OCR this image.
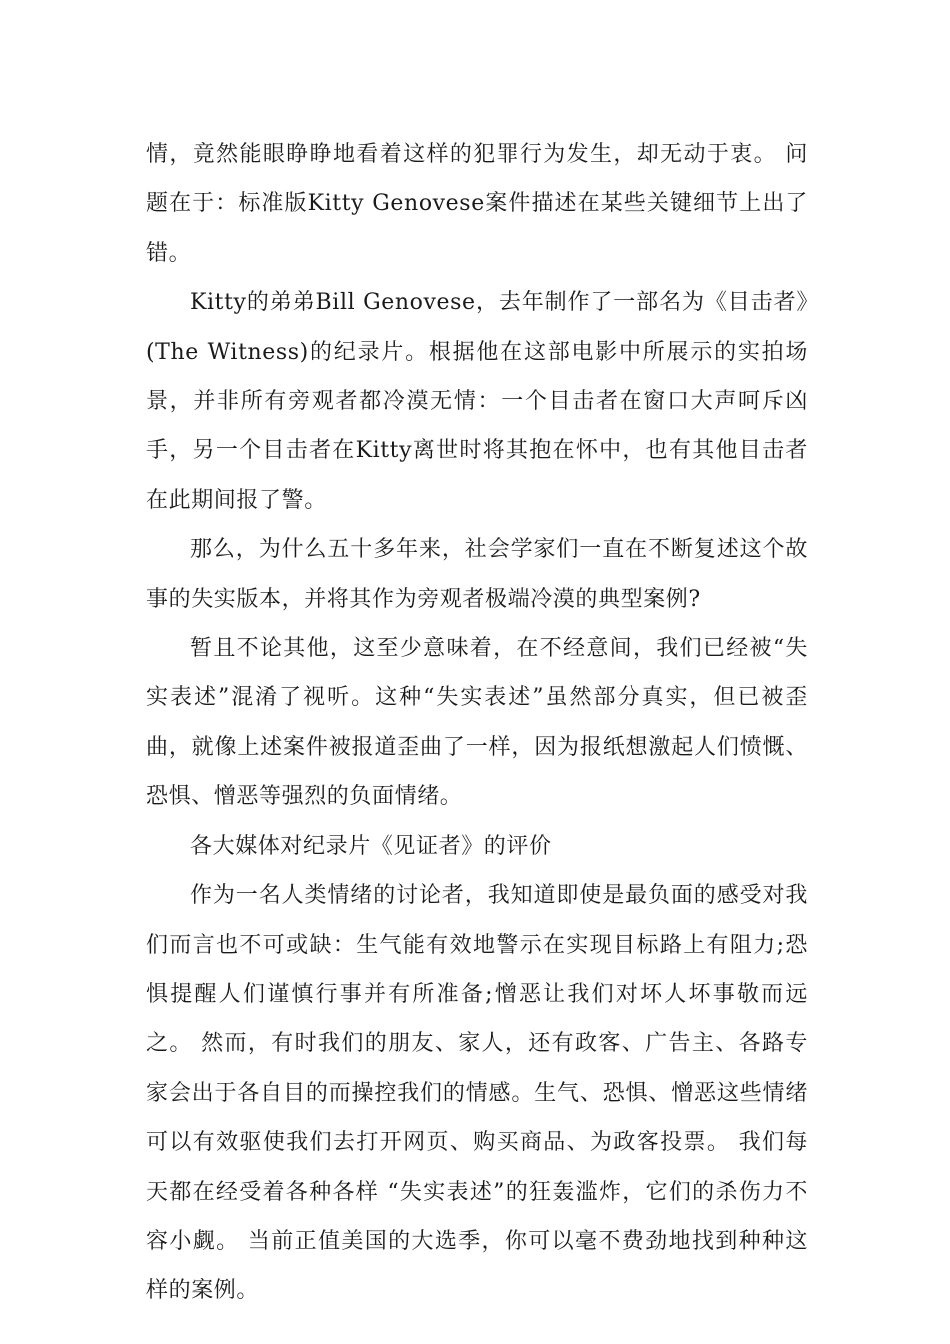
情，竟然能眼睁睁地看着这样的犯罪行为发生，却无动于衷。 问题在于：标准版Kitty Genovese案件描述在某些关键细节上出了错。

Kitty的弟弟Bill Genovese，去年制作了一部名为《目击者》(The Witness)的纪录片。根据他在这部电影中所展示的实拍场景，并非所有旁观者都冷漠无情：一个目击者在窗口大声呵斥凶手，另一个目击者在Kitty离世时将其抱在怀中，也有其他目击者在此期间报了警。

那么，为什么五十多年来，社会学家们一直在不断复述这个故事的失实版本，并将其作为旁观者极端冷漠的典型案例?

暂且不论其他，这至少意味着，在不经意间，我们已经被“失实表述”混淆了视听。这种“失实表述”虽然部分真实，但已被歪曲，就像上述案件被报道歪曲了一样，因为报纸想激起人们愤慨、恐惧、憎恶等强烈的负面情绪。

各大媒体对纪录片《见证者》的评价

作为一名人类情绪的讨论者，我知道即使是最负面的感受对我们而言也不可或缺：生气能有效地警示在实现目标路上有阻力;恐惧提醒人们谨慎行事并有所准备;憎恶让我们对坏人坏事敬而远之。 然而，有时我们的朋友、家人，还有政客、广告主、各路专家会出于各自目的而操控我们的情感。生气、恐惧、憎恶这些情绪可以有效驱使我们去打开网页、购买商品、为政客投票。 我们每天都在经受着各种各样 “失实表述”的狂轰滥炸，它们的杀伤力不容小觑。 当前正值美国的大选季，你可以毫不费劲地找到种种这样的案例。
